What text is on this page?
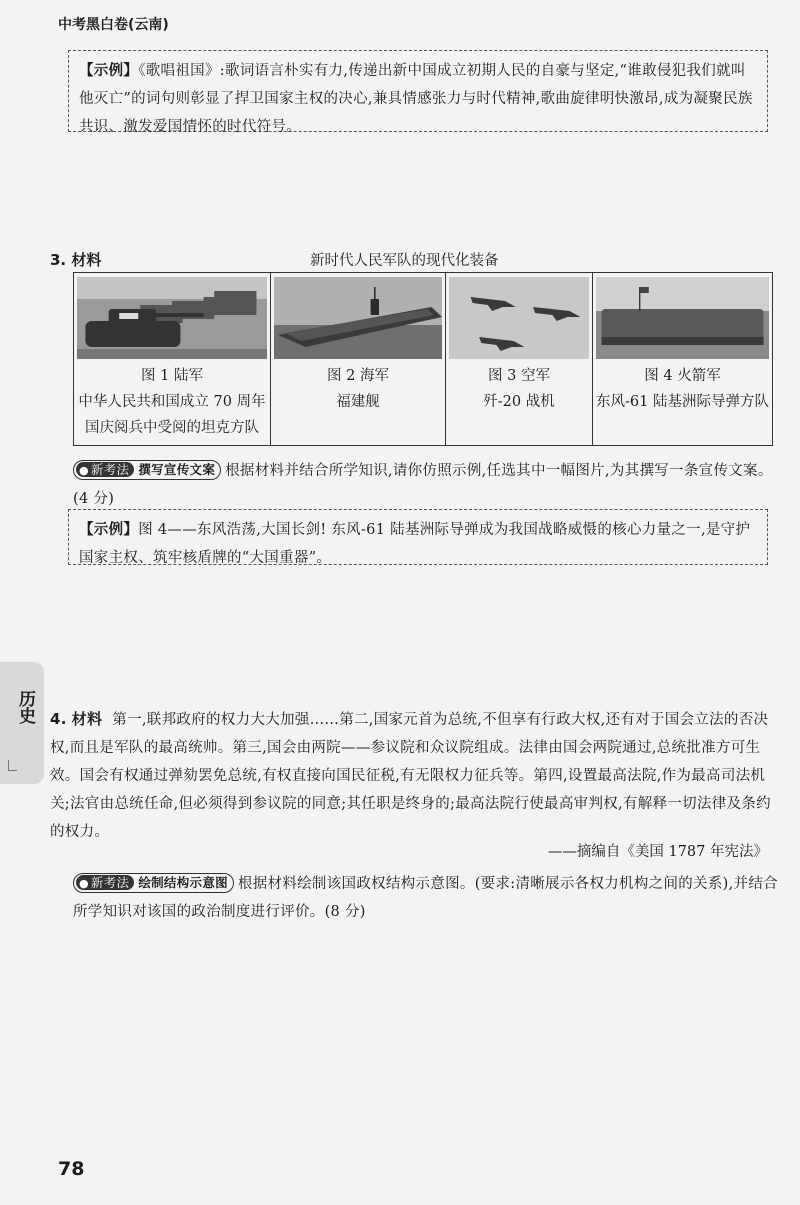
中考黑白卷(云南)
【示例】《歌唱祖国》:歌词语言朴实有力,传递出新中国成立初期人民的自豪与坚定,“谁敢侵犯我们就叫他灭亡”的词句则彰显了捍卫国家主权的决心,兼具情感张力与时代精神,歌曲旋律明快激昂,成为凝聚民族共识、激发爱国情怀的时代符号。
3. 材料	新时代人民军队的现代化装备
图 1 陆军
中华人民共和国成立 70 周年国庆阅兵中受阅的坦克方队

图 2 海军
福建舰

图 3 空军
歼-20 战机

图 4 火箭军
东风-61 陆基洲际导弹方队
● 新考法 撰写宣传文案 根据材料并结合所学知识,请你仿照示例,任选其中一幅图片,为其撰写一条宣传文案。(4 分)
【示例】图 4——东风浩荡,大国长剑! 东风-61 陆基洲际导弹成为我国战略威慑的核心力量之一,是守护国家主权、筑牢核盾牌的“大国重器”。
历史 4. 材料 第一,联邦政府的权力大大加强……第二,国家元首为总统,不但享有行政大权,还有对于国会立法的否决权,而且是军队的最高统帅。第三,国会由两院——参议院和众议院组成。法律由国会两院通过,总统批准方可生效。国会有权通过弹劾罢免总统,有权直接向国民征税,有无限权力征兵等。第四,设置最高法院,作为最高司法机关;法官由总统任命,但必须得到参议院的同意;其任职是终身的;最高法院行使最高审判权,有解释一切法律及条约的权力。
——摘编自《美国 1787 年宪法》
● 新考法 绘制结构示意图 根据材料绘制该国政权结构示意图。(要求:清晰展示各权力机构之间的关系),并结合所学知识对该国的政治制度进行评价。(8 分)
78
